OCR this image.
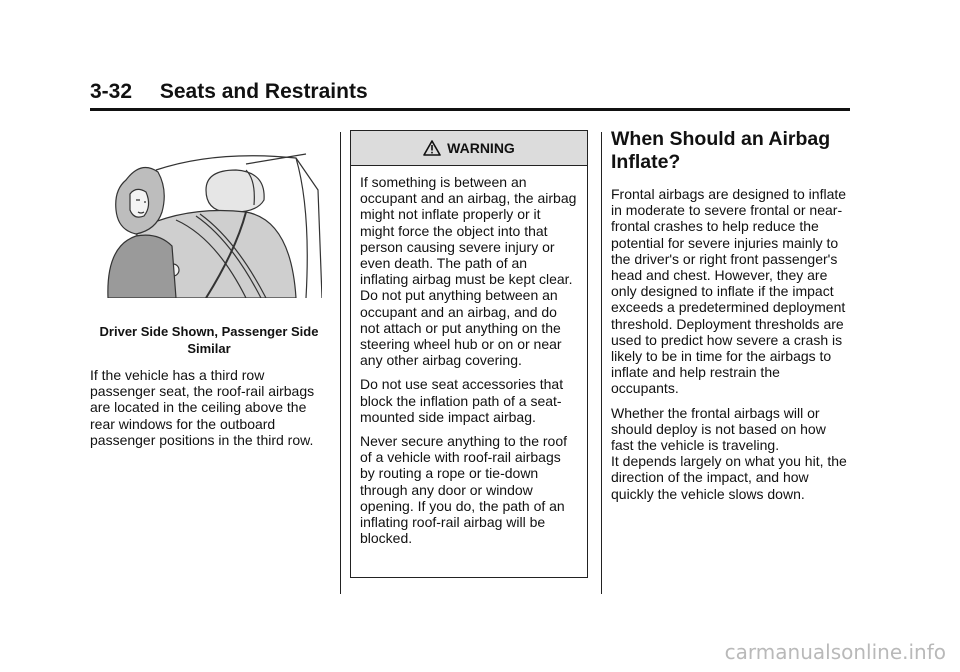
3-32 Seats and Restraints
Driver Side Shown, Passenger Side Similar

If the vehicle has a third row passenger seat, the roof-rail airbags are located in the ceiling above the rear windows for the outboard passenger positions in the third row.

WARNING

If something is between an occupant and an airbag, the airbag might not inflate properly or it might force the object into that person causing severe injury or even death. The path of an inflating airbag must be kept clear. Do not put anything between an occupant and an airbag, and do not attach or put anything on the steering wheel hub or on or near any other airbag covering.

Do not use seat accessories that block the inflation path of a seat-mounted side impact airbag.

Never secure anything to the roof of a vehicle with roof-rail airbags by routing a rope or tie-down through any door or window opening. If you do, the path of an inflating roof-rail airbag will be blocked.

When Should an Airbag Inflate?

Frontal airbags are designed to inflate in moderate to severe frontal or near-frontal crashes to help reduce the potential for severe injuries mainly to the driver's or right front passenger's head and chest. However, they are only designed to inflate if the impact exceeds a predetermined deployment threshold. Deployment thresholds are used to predict how severe a crash is likely to be in time for the airbags to inflate and help restrain the occupants.

Whether the frontal airbags will or should deploy is not based on how fast the vehicle is traveling.

It depends largely on what you hit, the direction of the impact, and how quickly the vehicle slows down.

carmanualsonline.info
